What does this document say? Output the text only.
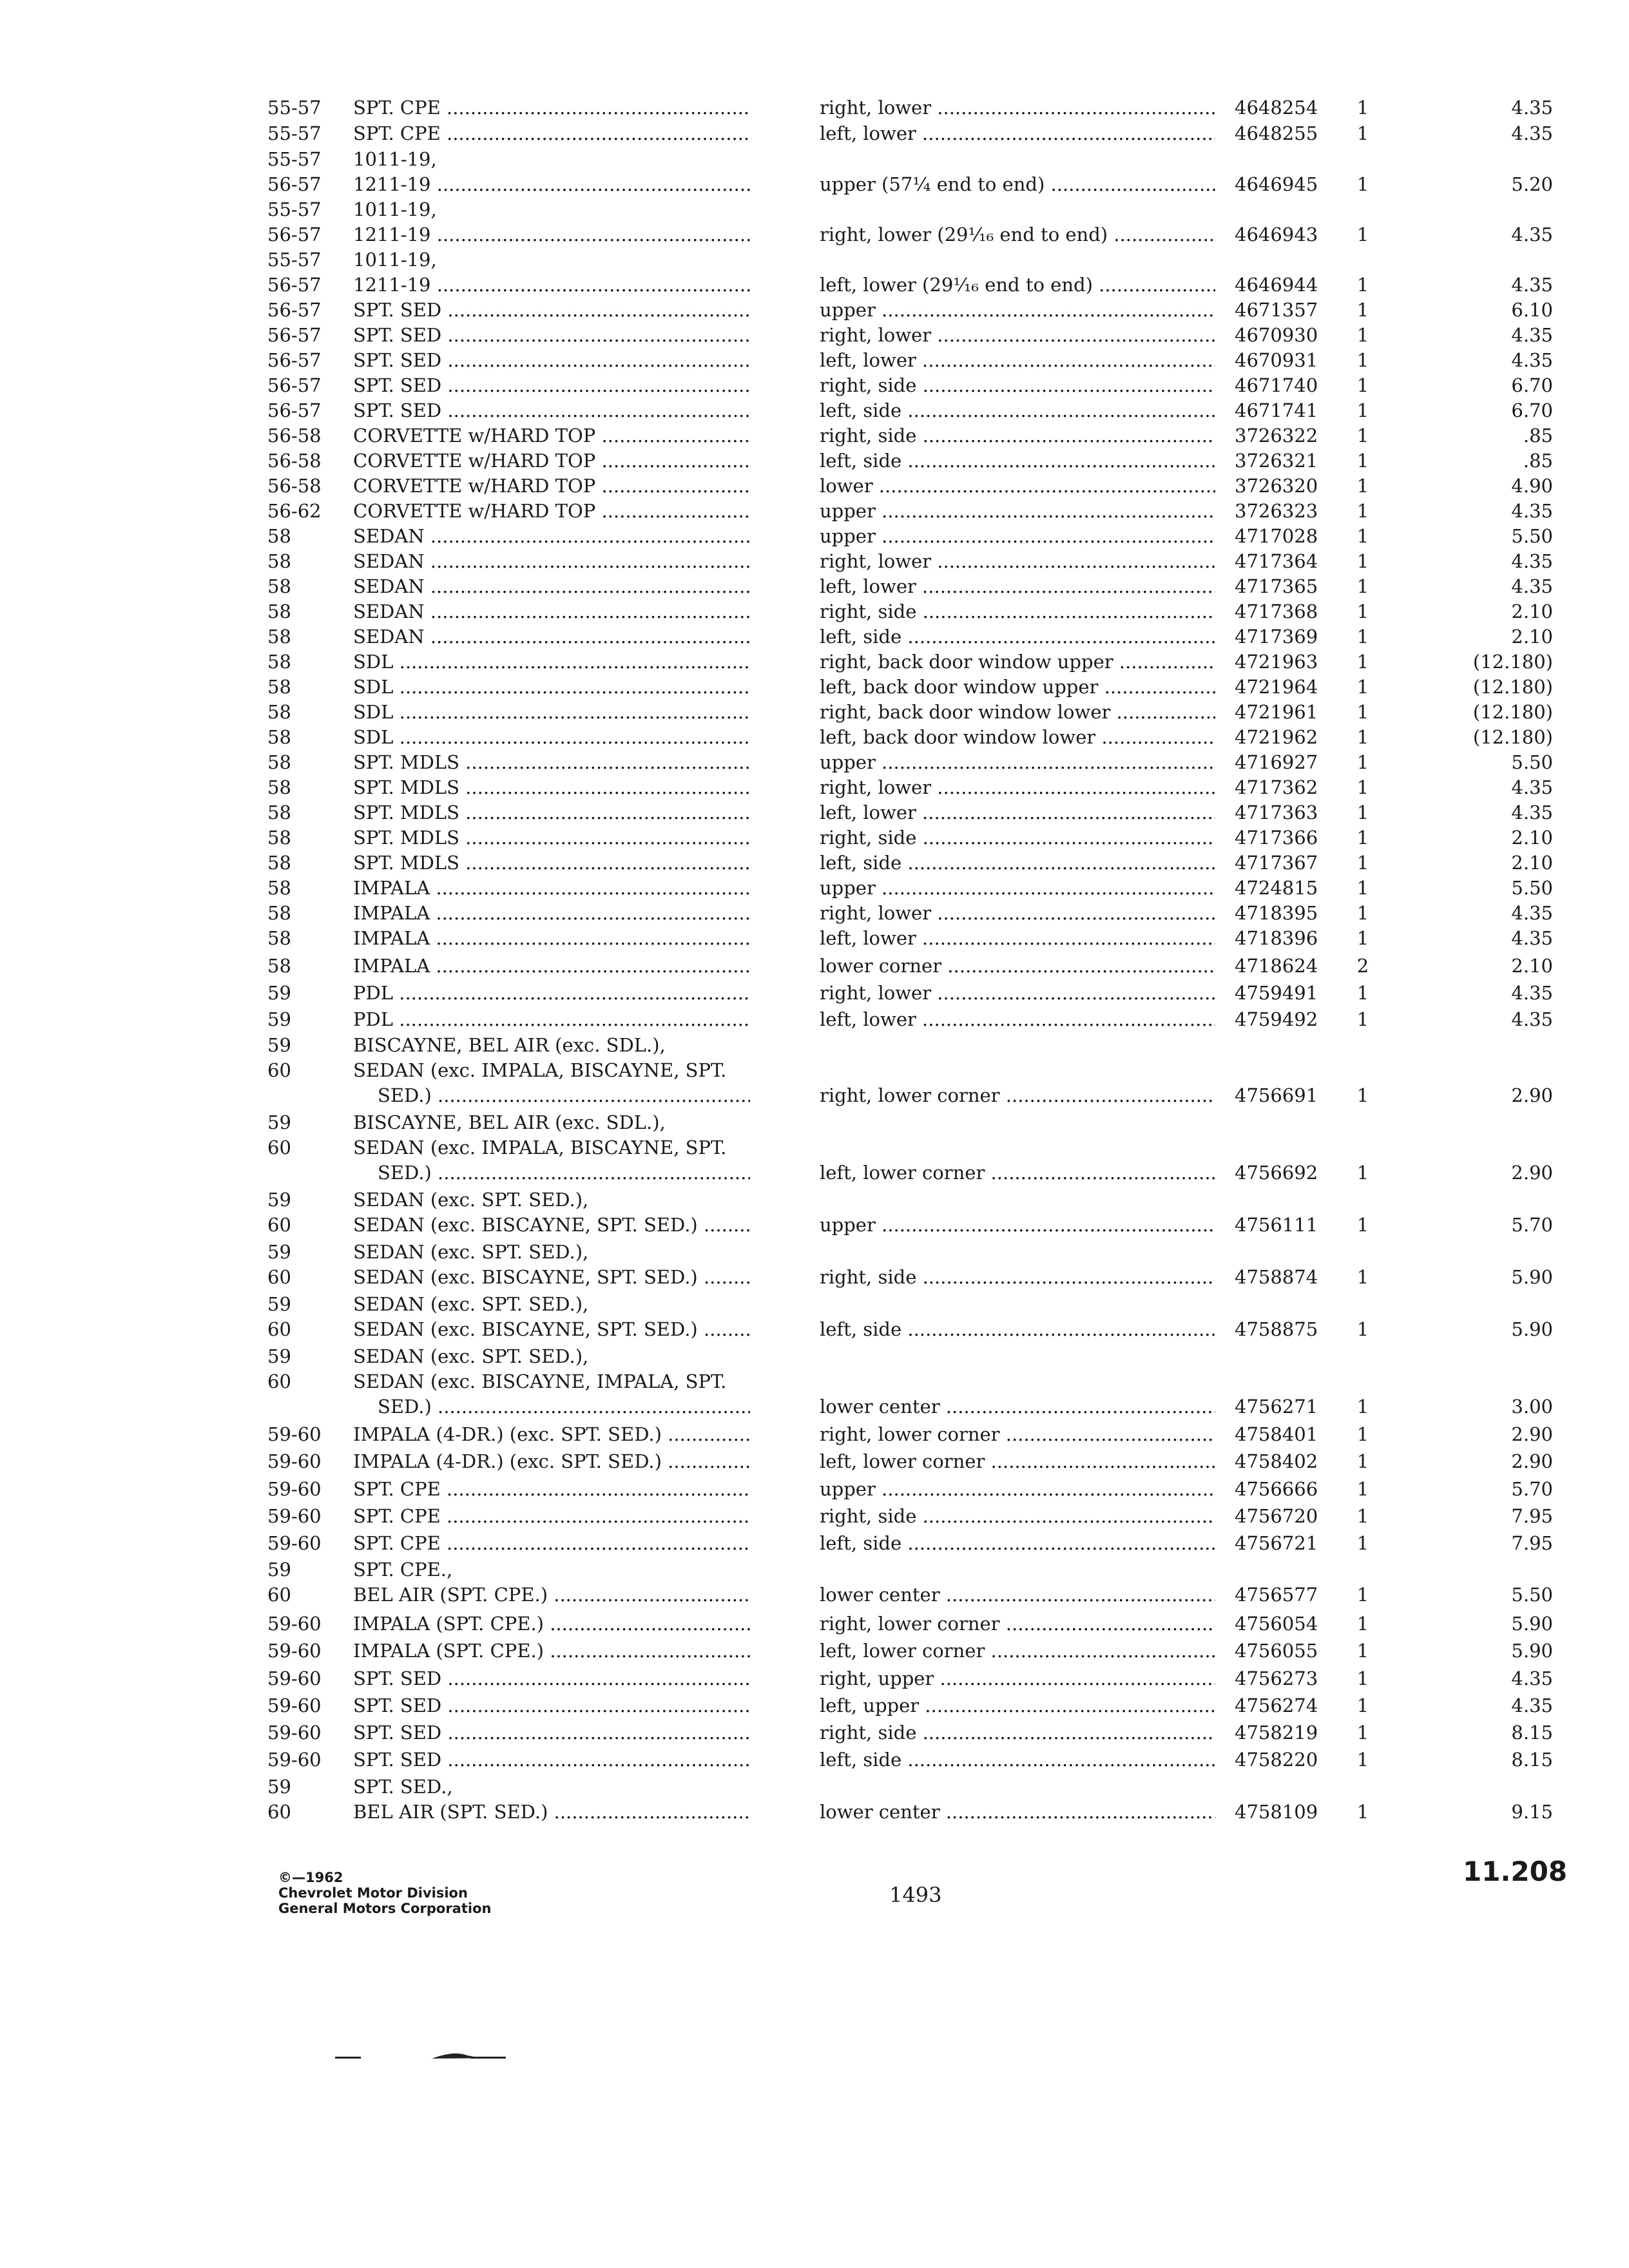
55-57	SPT. CPE .....	right, lower .....	4648254	1	4.35
55-57	SPT. CPE .....	left, lower .....	4648255	1	4.35
55-57	1011-19,
56-57	1211-19 .....	upper (57¼ end to end) .....	4646945	1	5.20
55-57	1011-19,
56-57	1211-19 .....	right, lower (29¹⁄₁₆ end to end) .....	4646943	1	4.35
55-57	1011-19,
56-57	1211-19 .....	left, lower (29¹⁄₁₆ end to end) .....	4646944	1	4.35
56-57	SPT. SED .....	upper .....	4671357	1	6.10
56-57	SPT. SED .....	right, lower .....	4670930	1	4.35
56-57	SPT. SED .....	left, lower .....	4670931	1	4.35
56-57	SPT. SED .....	right, side .....	4671740	1	6.70
56-57	SPT. SED .....	left, side .....	4671741	1	6.70
56-58	CORVETTE w/HARD TOP .....	right, side .....	3726322	1	.85
56-58	CORVETTE w/HARD TOP .....	left, side .....	3726321	1	.85
56-58	CORVETTE w/HARD TOP .....	lower .....	3726320	1	4.90
56-62	CORVETTE w/HARD TOP .....	upper .....	3726323	1	4.35
58	SEDAN .....	upper .....	4717028	1	5.50
58	SEDAN .....	right, lower .....	4717364	1	4.35
58	SEDAN .....	left, lower .....	4717365	1	4.35
58	SEDAN .....	right, side .....	4717368	1	2.10
58	SEDAN .....	left, side .....	4717369	1	2.10
58	SDL .....	right, back door window upper .....	4721963	1	(12.180)
58	SDL .....	left, back door window upper .....	4721964	1	(12.180)
58	SDL .....	right, back door window lower .....	4721961	1	(12.180)
58	SDL .....	left, back door window lower .....	4721962	1	(12.180)
58	SPT. MDLS .....	upper .....	4716927	1	5.50
58	SPT. MDLS .....	right, lower .....	4717362	1	4.35
58	SPT. MDLS .....	left, lower .....	4717363	1	4.35
58	SPT. MDLS .....	right, side .....	4717366	1	2.10
58	SPT. MDLS .....	left, side .....	4717367	1	2.10
58	IMPALA .....	upper .....	4724815	1	5.50
58	IMPALA .....	right, lower .....	4718395	1	4.35
58	IMPALA .....	left, lower .....	4718396	1	4.35
58	IMPALA .....	lower corner .....	4718624	2	2.10
59	PDL .....	right, lower .....	4759491	1	4.35
59	PDL .....	left, lower .....	4759492	1	4.35
59	BISCAYNE, BEL AIR (exc. SDL.),
60	SEDAN (exc. IMPALA, BISCAYNE, SPT.
SED.) .....	right, lower corner .....	4756691	1	2.90
59	BISCAYNE, BEL AIR (exc. SDL.),
60	SEDAN (exc. IMPALA, BISCAYNE, SPT.
SED.) .....	left, lower corner .....	4756692	1	2.90
59	SEDAN (exc. SPT. SED.),
60	SEDAN (exc. BISCAYNE, SPT. SED.) .....	upper .....	4756111	1	5.70
59	SEDAN (exc. SPT. SED.),
60	SEDAN (exc. BISCAYNE, SPT. SED.) .....	right, side .....	4758874	1	5.90
59	SEDAN (exc. SPT. SED.),
60	SEDAN (exc. BISCAYNE, SPT. SED.) .....	left, side .....	4758875	1	5.90
59	SEDAN (exc. SPT. SED.),
60	SEDAN (exc. BISCAYNE, IMPALA, SPT.
SED.) .....	lower center .....	4756271	1	3.00
59-60	IMPALA (4-DR.) (exc. SPT. SED.) .....	right, lower corner .....	4758401	1	2.90
59-60	IMPALA (4-DR.) (exc. SPT. SED.) .....	left, lower corner .....	4758402	1	2.90
59-60	SPT. CPE .....	upper .....	4756666	1	5.70
59-60	SPT. CPE .....	right, side .....	4756720	1	7.95
59-60	SPT. CPE .....	left, side .....	4756721	1	7.95
59	SPT. CPE.,
60	BEL AIR (SPT. CPE.) .....	lower center .....	4756577	1	5.50
59-60	IMPALA (SPT. CPE.) .....	right, lower corner .....	4756054	1	5.90
59-60	IMPALA (SPT. CPE.) .....	left, lower corner .....	4756055	1	5.90
59-60	SPT. SED .....	right, upper .....	4756273	1	4.35
59-60	SPT. SED .....	left, upper .....	4756274	1	4.35
59-60	SPT. SED .....	right, side .....	4758219	1	8.15
59-60	SPT. SED .....	left, side .....	4758220	1	8.15
59	SPT. SED.,
60	BEL AIR (SPT. SED.) .....	lower center .....	4758109	1	9.15
©—1962
Chevrolet Motor Division
General Motors Corporation
1493
11.208
